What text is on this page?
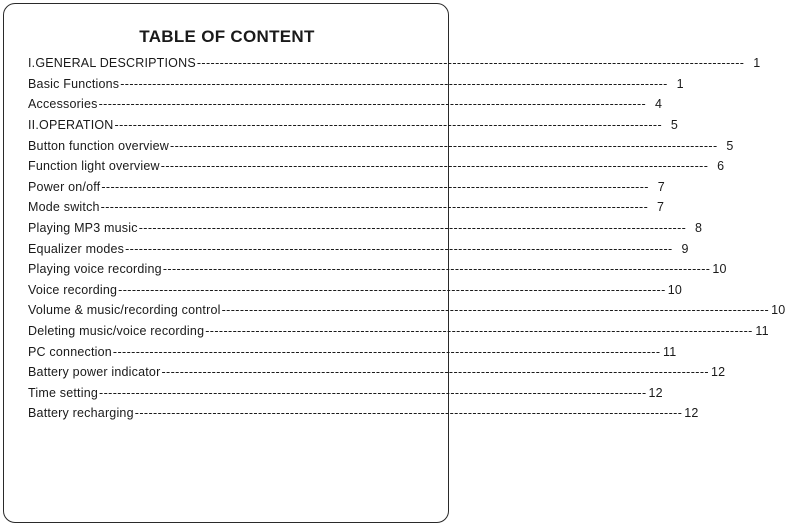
TABLE OF CONTENT
I.GENERAL DESCRIPTIONS ------------------------------------------------------------------------------------------------------------------------ 1
Basic Functions ------------------------------------------------------------------------------------------------------------------------ 1
Accessories ------------------------------------------------------------------------------------------------------------------------ 4
II.OPERATION ------------------------------------------------------------------------------------------------------------------------ 5
Button function overview ------------------------------------------------------------------------------------------------------------------------ 5
Function light overview ------------------------------------------------------------------------------------------------------------------------ 6
Power on/off ------------------------------------------------------------------------------------------------------------------------ 7
Mode switch ------------------------------------------------------------------------------------------------------------------------ 7
Playing MP3 music ------------------------------------------------------------------------------------------------------------------------ 8
Equalizer modes ------------------------------------------------------------------------------------------------------------------------ 9
Playing voice recording ------------------------------------------------------------------------------------------------------------------------ 10
Voice recording ------------------------------------------------------------------------------------------------------------------------ 10
Volume & music/recording control ------------------------------------------------------------------------------------------------------------------------ 10
Deleting music/voice recording ------------------------------------------------------------------------------------------------------------------------ 11
PC connection ------------------------------------------------------------------------------------------------------------------------ 11
Battery power indicator ------------------------------------------------------------------------------------------------------------------------ 12
Time setting ------------------------------------------------------------------------------------------------------------------------ 12
Battery recharging ------------------------------------------------------------------------------------------------------------------------ 12
